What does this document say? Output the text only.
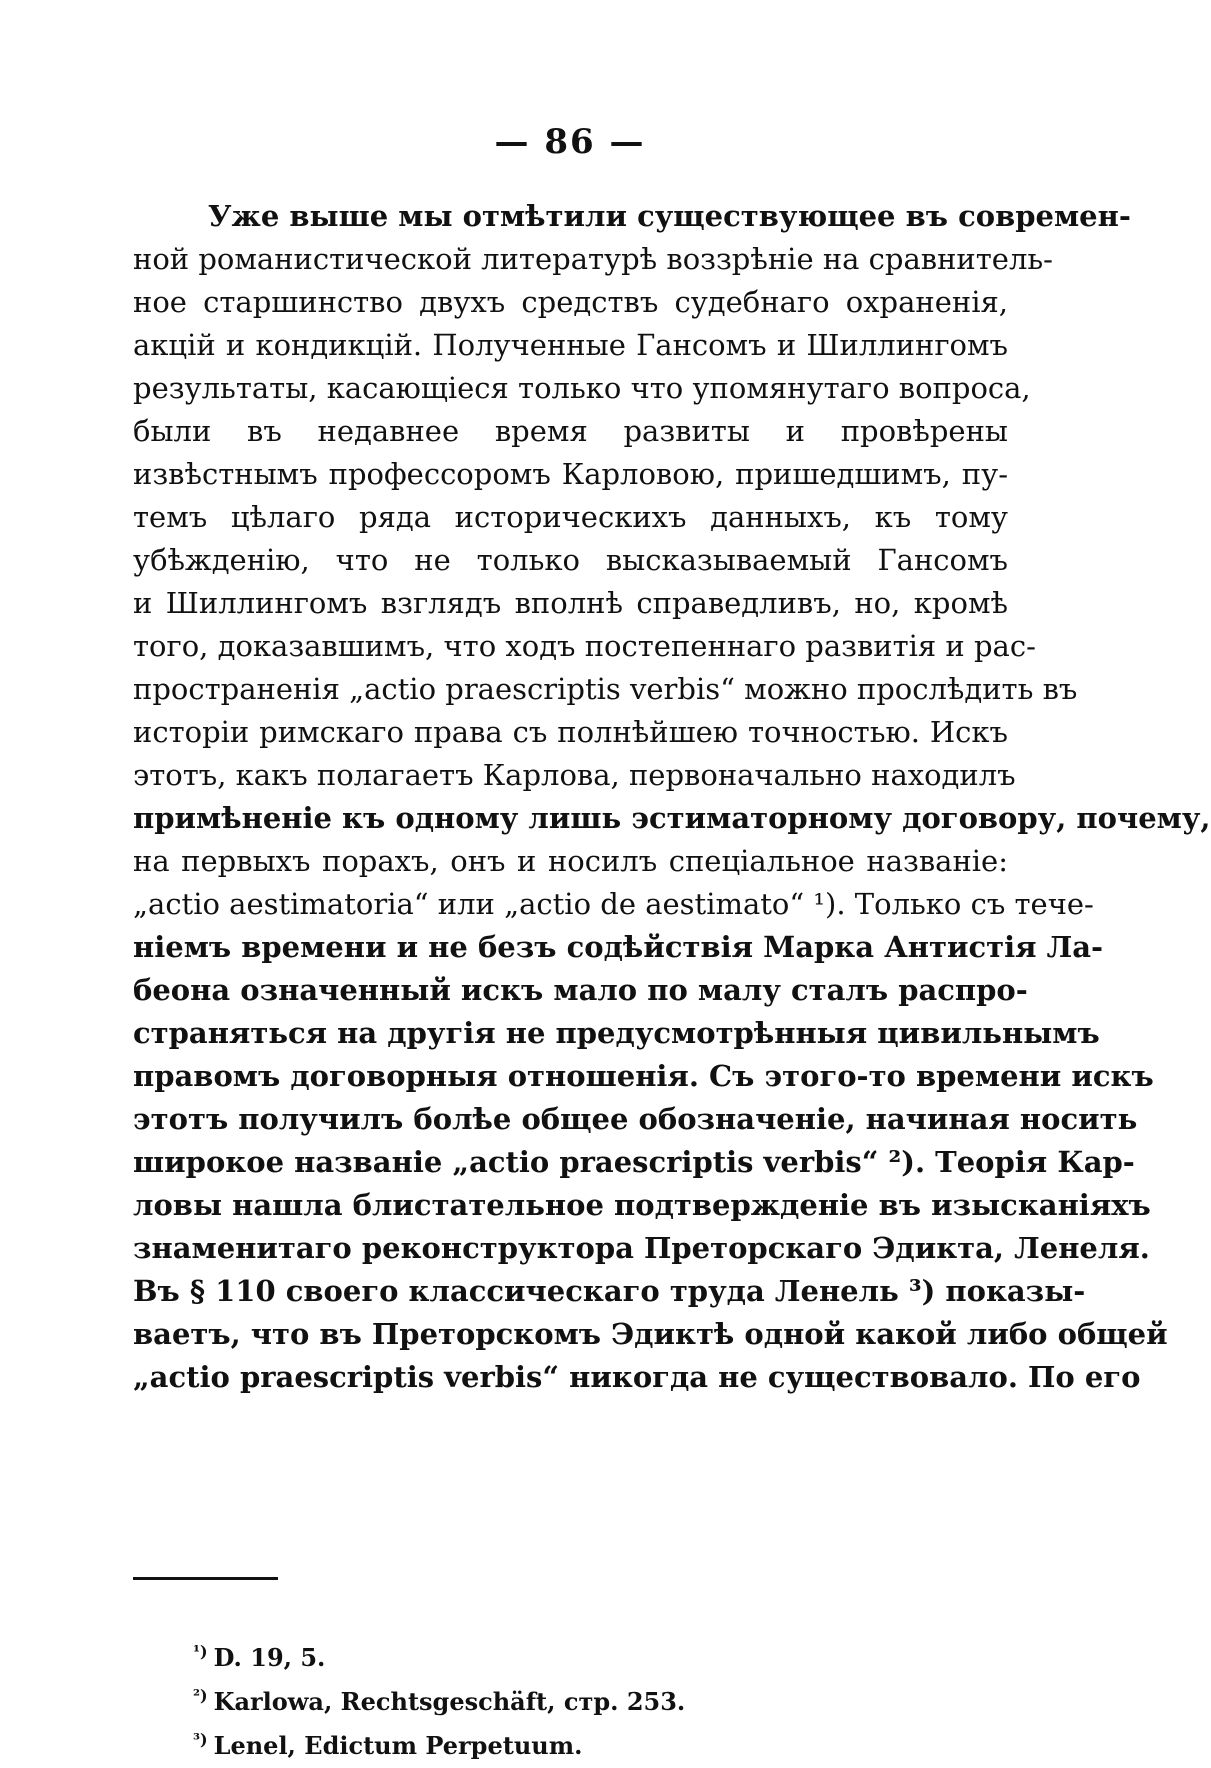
— 86 —
Уже выше мы отмѣтили существующее въ современ-
ной романистической литературѣ воззрѣніе на сравнитель-
ное старшинство двухъ средствъ судебнаго охраненія,
акцій и кондикцій. Полученные Гансомъ и Шиллингомъ
результаты, касающіеся только что упомянутаго вопроса,
были въ недавнее время развиты и провѣрены
извѣстнымъ профессоромъ Карловою, пришедшимъ, пу-
темъ цѣлаго ряда историческихъ данныхъ, къ тому
убѣжденію, что не только высказываемый Гансомъ
и Шиллингомъ взглядъ вполнѣ справедливъ, но, кромѣ
того, доказавшимъ, что ходъ постепеннаго развитія и рас-
пространенія „actio praescriptis verbis“ можно прослѣдить въ
исторіи римскаго права съ полнѣйшею точностью. Искъ
этотъ, какъ полагаетъ Карлова, первоначально находилъ
примѣненіе къ одному лишь эстиматорному договору, почему,
на первыхъ порахъ, онъ и носилъ спеціальное названіе:
„actio aestimatoria“ или „actio de aestimato“ ¹). Только съ тече-
ніемъ времени и не безъ содѣйствія Марка Антистія Ла-
беона означенный искъ мало по малу сталъ распро-
страняться на другія не предусмотрѣнныя цивильнымъ
правомъ договорныя отношенія. Съ этого-то времени искъ
этотъ получилъ болѣе общее обозначеніе, начиная носить
широкое названіе „actio praescriptis verbis“ ²). Теорія Кар-
ловы нашла блистательное подтвержденіе въ изысканіяхъ
знаменитаго реконструктора Преторскаго Эдикта, Ленеля.
Въ § 110 своего классическаго труда Ленель ³) показы-
ваетъ, что въ Преторскомъ Эдиктѣ одной какой либо общей
„actio praescriptis verbis“ никогда не существовало. По его
$^{^1)}$ D. 19, 5.
$^{^2)}$ Karlowa, Rechtsgeschäft, стр. 253.
$^{^3)}$ Lenel, Edictum Perpetuum.
